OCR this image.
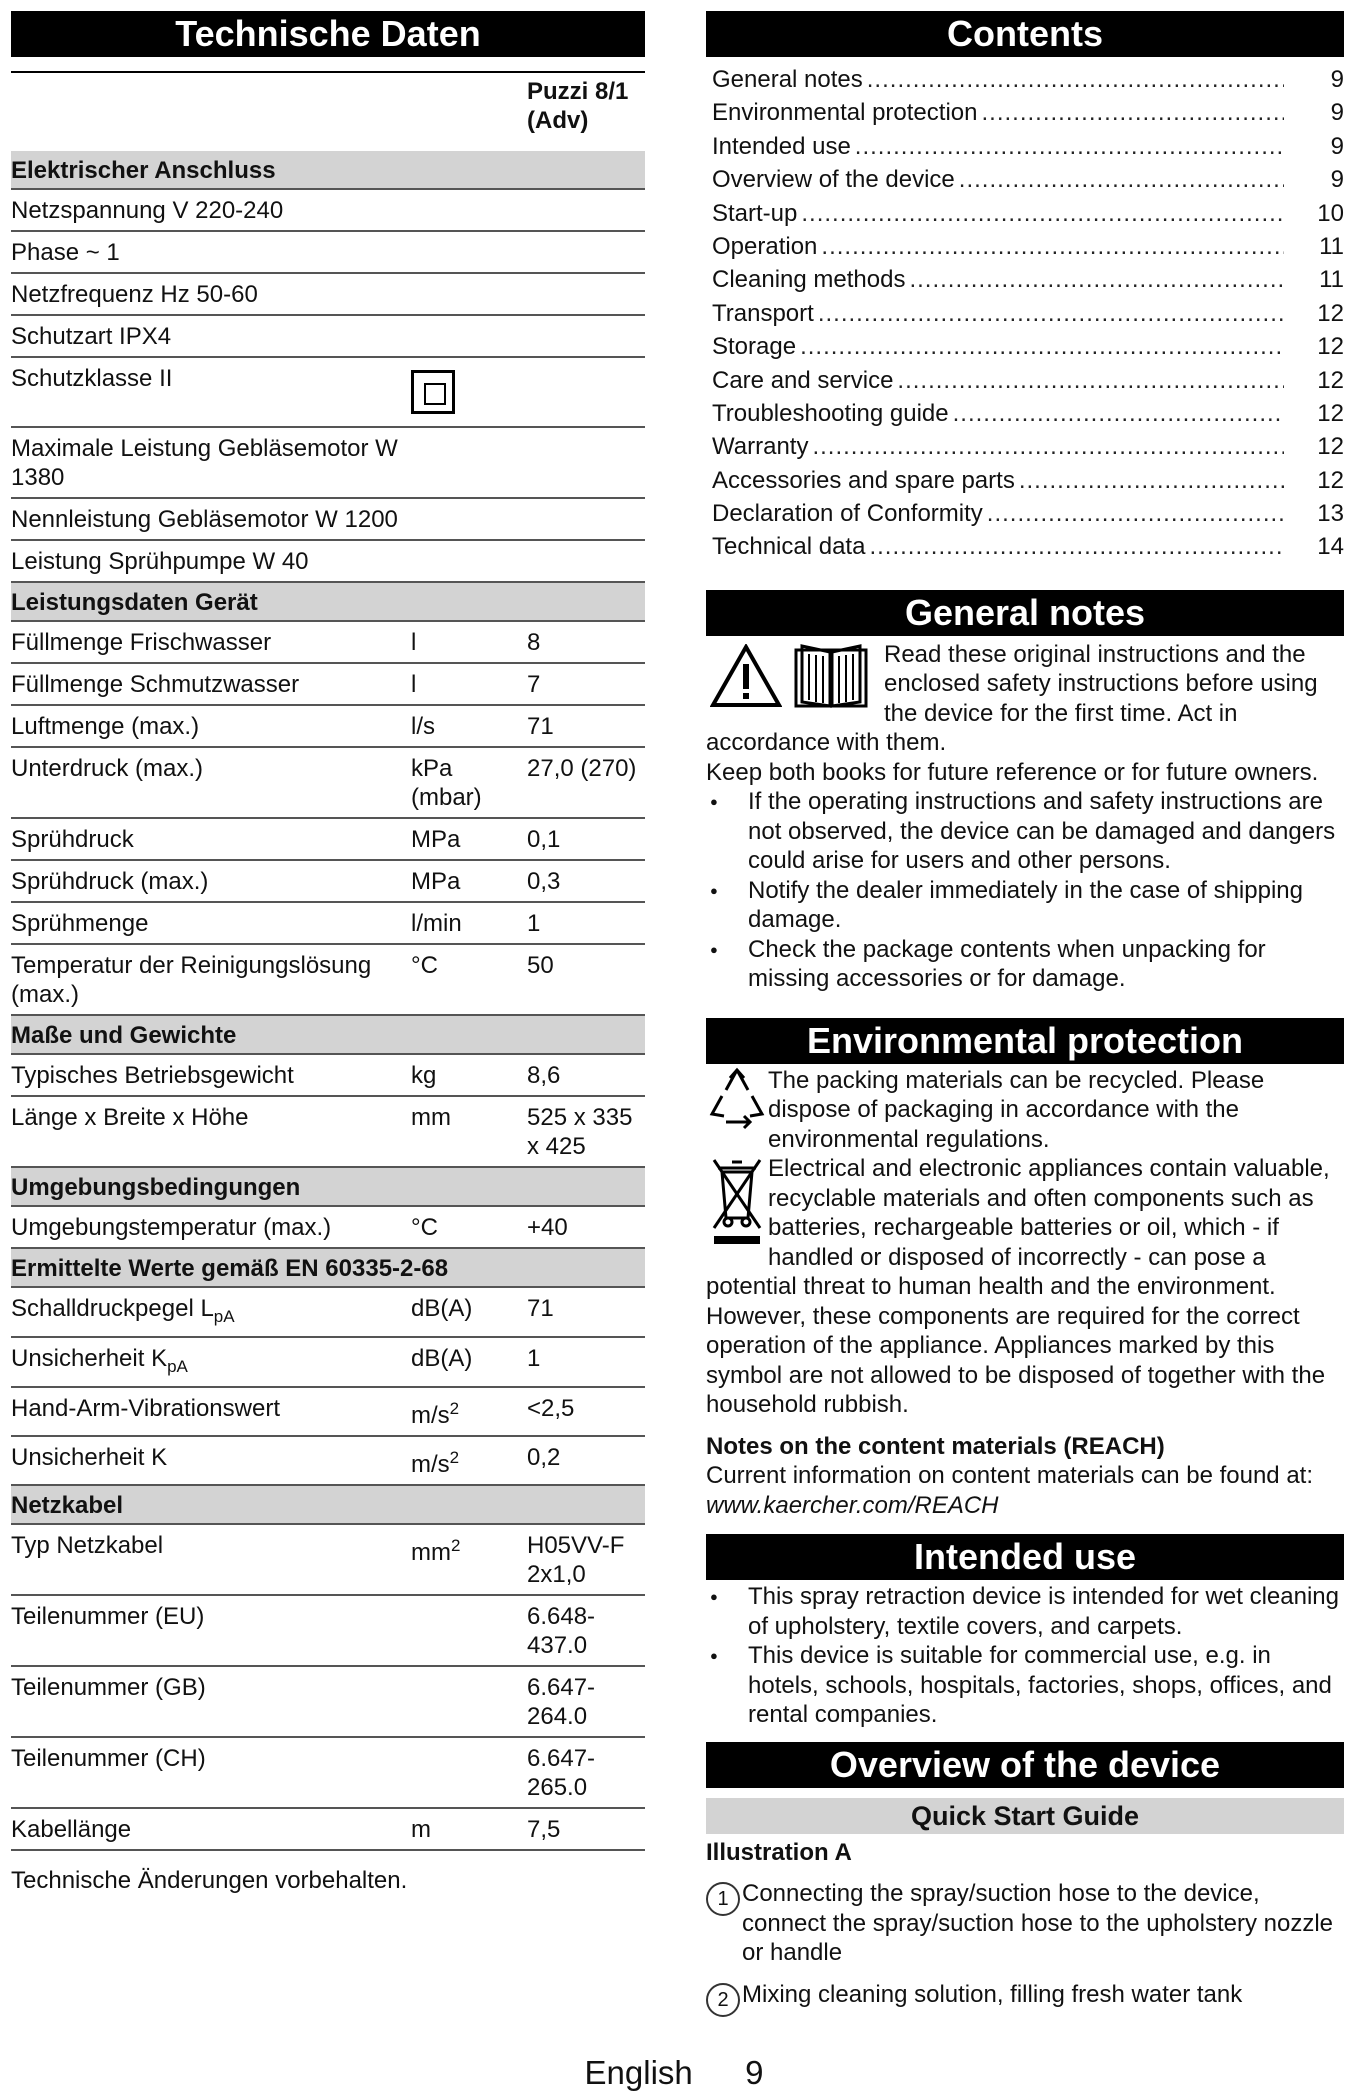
Technische Daten
		Puzzi 8/1 (Adv)
Elektrischer Anschluss		
Netzspannung V 220-240		
Phase ~ 1		
Netzfrequenz Hz 50-60		
Schutzart IPX4		
Schutzklasse II		
Maximale Leistung Gebläsemotor W 1380		
Nennleistung Gebläsemotor W 1200		
Leistung Sprühpumpe W 40		
Leistungsdaten Gerät		
Füllmenge Frischwasser	l	8
Füllmenge Schmutzwasser	l	7
Luftmenge (max.)	l/s	71
Unterdruck (max.)	kPa (mbar)	27,0 (270)
Sprühdruck	MPa	0,1
Sprühdruck (max.)	MPa	0,3
Sprühmenge	l/min	1
Temperatur der Reinigungslösung (max.)	°C	50
Maße und Gewichte		
Typisches Betriebsgewicht	kg	8,6
Länge x Breite x Höhe	mm	525 x 335 x 425
Umgebungsbedingungen		
Umgebungstemperatur (max.)	°C	+40
Ermittelte Werte gemäß EN 60335-2-68		
Schalldruckpegel $L_{pA}$	dB(A)	71
Unsicherheit $K_{pA}$	dB(A)	1
Hand-Arm-Vibrationswert	$m/s^2$	<2,5
Unsicherheit K	$m/s^2$	0,2
Netzkabel		
Typ Netzkabel	$mm^2$	H05VV-F 2x1,0
Teilenummer (EU)		6.648-437.0
Teilenummer (GB)		6.647-264.0
Teilenummer (CH)		6.647-265.0
Kabellänge	m	7,5
Technische Änderungen vorbehalten.
Contents
General notes .....	9
Environmental protection .....	9
Intended use .....	9
Overview of the device .....	9
Start-up .....	10
Operation .....	11
Cleaning methods .....	11
Transport .....	12
Storage .....	12
Care and service .....	12
Troubleshooting guide .....	12
Warranty .....	12
Accessories and spare parts .....	12
Declaration of Conformity .....	13
Technical data .....	14
General notes

Read these original instructions and the enclosed safety instructions before using the device for the first time. Act in accordance with them.

Keep both books for future reference or for future owners.

●	If the operating instructions and safety instructions are not observed, the device can be damaged and dangers could arise for users and other persons.
●	Notify the dealer immediately in the case of shipping damage.
●	Check the package contents when unpacking for missing accessories or for damage.
Environmental protection

The packing materials can be recycled. Please dispose of packaging in accordance with the environmental regulations.

Electrical and electronic appliances contain valuable, recyclable materials and often components such as batteries, rechargeable batteries or oil, which - if handled or disposed of incorrectly - can pose a potential threat to human health and the environment. However, these components are required for the correct operation of the appliance. Appliances marked by this symbol are not allowed to be disposed of together with the household rubbish.

Notes on the content materials (REACH)

Current information on content materials can be found at: www.kaercher.com/REACH

Intended use
●	This spray retraction device is intended for wet cleaning of upholstery, textile covers, and carpets.
●	This device is suitable for commercial use, e.g. in hotels, schools, hospitals, factories, shops, offices, and rental companies.
Overview of the device
Quick Start Guide

Illustration A

1 Connecting the spray/suction hose to the device, connect the spray/suction hose to the upholstery nozzle or handle
2 Mixing cleaning solution, filling fresh water tank
English 9
